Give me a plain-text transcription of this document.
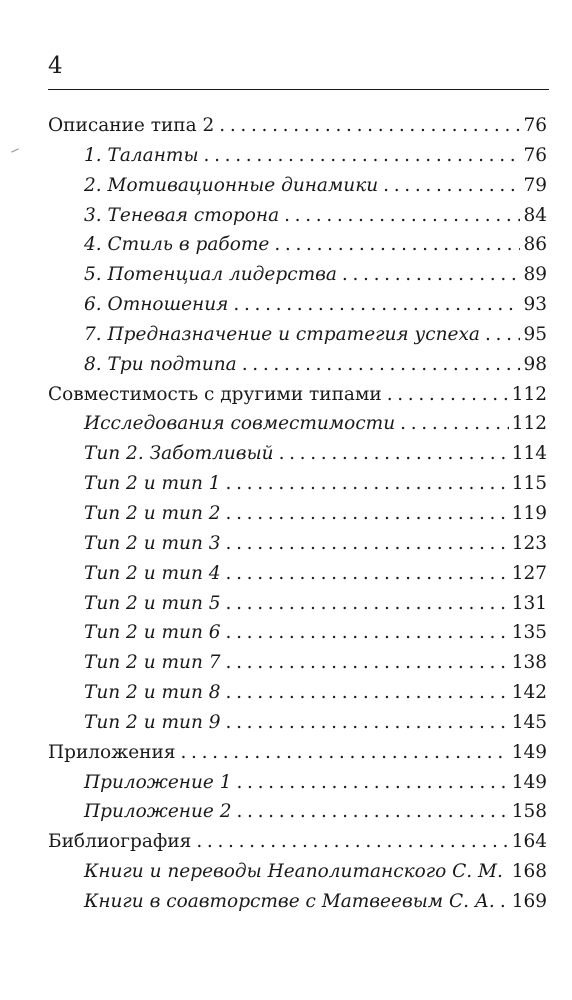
4
Описание типа 2 . . .	76
1. Таланты . . .	76
2. Мотивационные динамики . . .	79
3. Теневая сторона . . .	84
4. Стиль в работе . . .	86
5. Потенциал лидерства . . .	89
6. Отношения . . .	93
7. Предназначение и стратегия успеха . . . 95
8. Три подтипа . . .	98
Совместимость с другими типами . . .	112
Исследования совместимости . . .	112
Тип 2. Заботливый . . .	114
Тип 2 и тип 1 . . .	115
Тип 2 и тип 2 . . .	119
Тип 2 и тип 3 . . .	123
Тип 2 и тип 4 . . .	127
Тип 2 и тип 5 . . .	131
Тип 2 и тип 6 . . .	135
Тип 2 и тип 7 . . .	138
Тип 2 и тип 8 . . .	142
Тип 2 и тип 9 . . .	145
Приложения . . .	149
Приложение 1 . . .	149
Приложение 2 . . .	158
Библиография . . .	164
Книги и переводы Неаполитанского С. М. . . . 168
Книги в соавторстве с Матвеевым С. А. . . . 169
